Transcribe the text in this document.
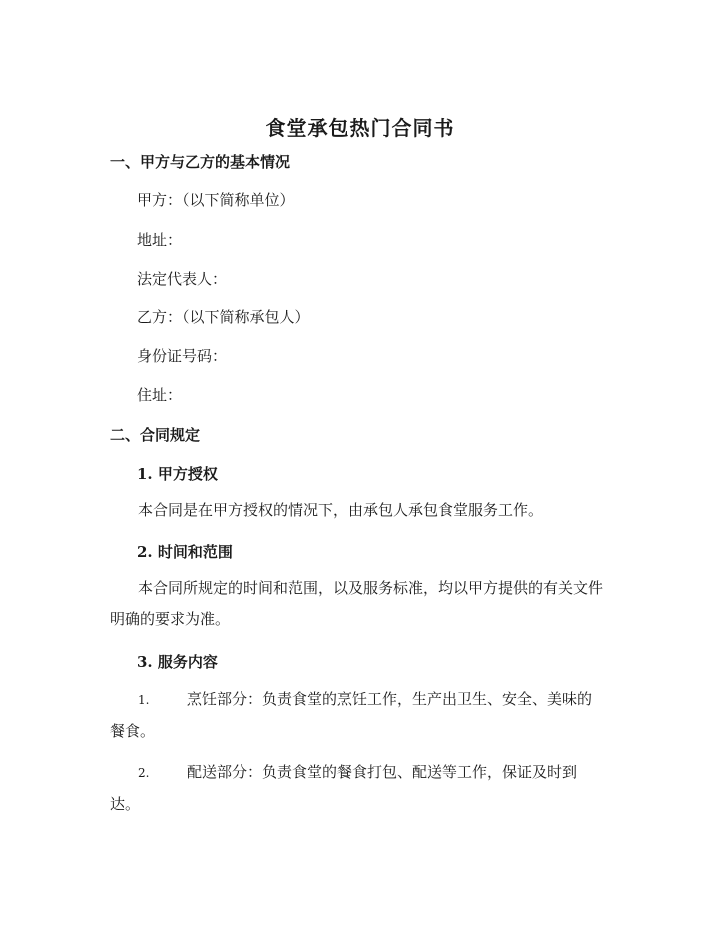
食堂承包热门合同书
一、甲方与乙方的基本情况
甲方：（以下简称单位）
地址：
法定代表人：
乙方：（以下简称承包人）
身份证号码：
住址：
二、合同规定
1. 甲方授权
本合同是在甲方授权的情况下，由承包人承包食堂服务工作。
2. 时间和范围
本合同所规定的时间和范围，以及服务标准，均以甲方提供的有关文件明确的要求为准。
3. 服务内容
1.	烹饪部分：负责食堂的烹饪工作，生产出卫生、安全、美味的餐食。
2.	配送部分：负责食堂的餐食打包、配送等工作，保证及时到达。
